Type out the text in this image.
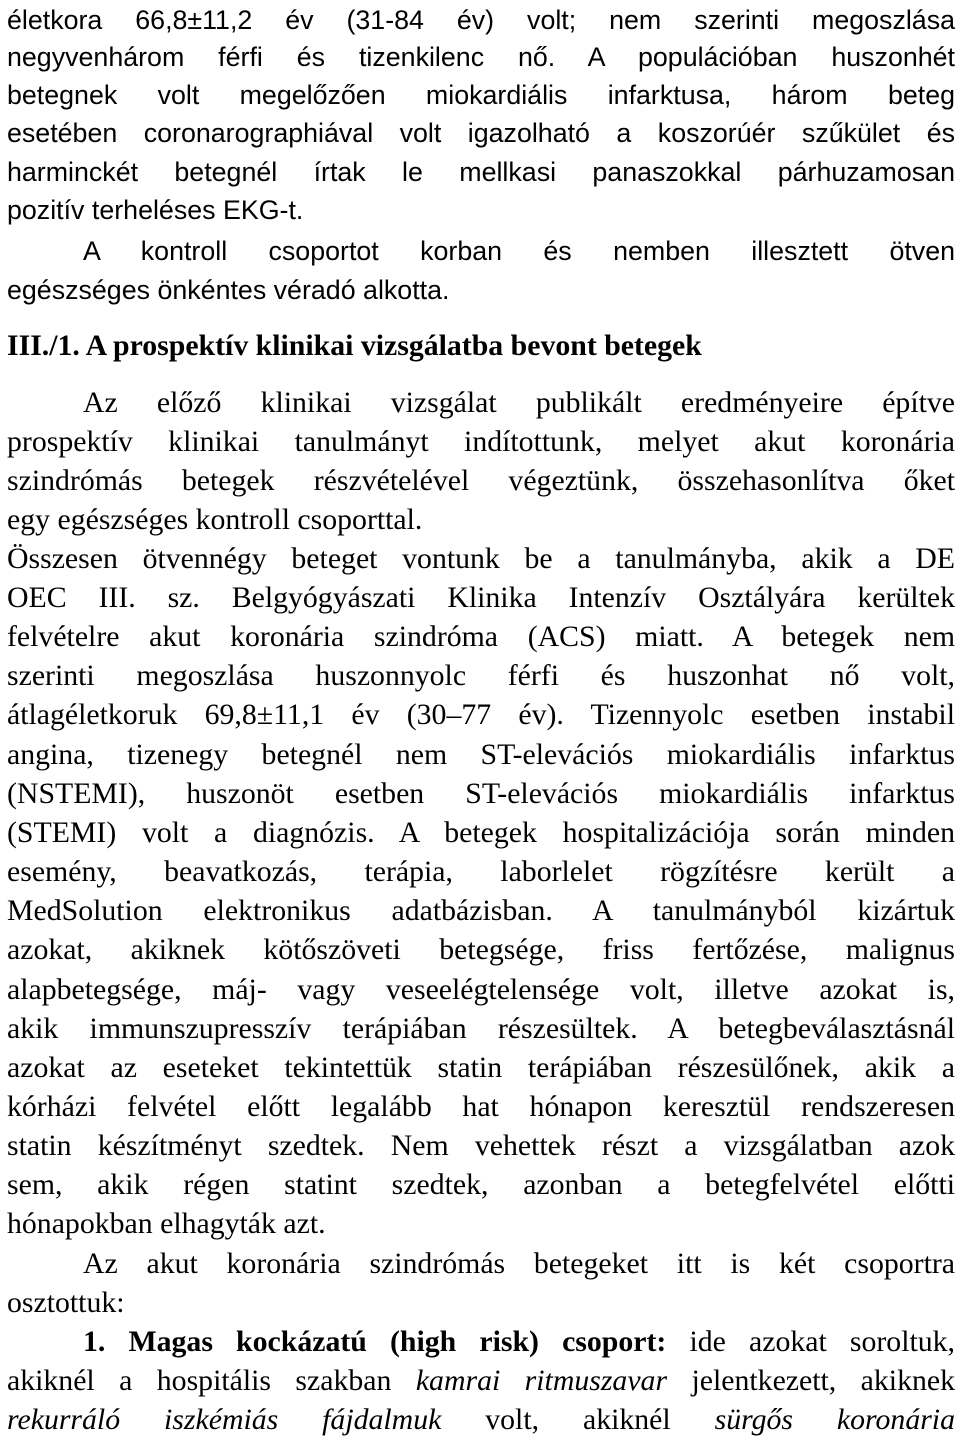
életkora 66,8±11,2 év (31-84 év) volt; nem szerinti megoszlása
negyvenhárom férfi és tizenkilenc nő. A populációban huszonhét
betegnek volt megelőzően miokardiális infarktusa, három beteg
esetében coronarographiával volt igazolható a koszorúér szűkület és
harminckét betegnél írtak le mellkasi panaszokkal párhuzamosan
pozitív terheléses EKG-t.
A kontroll csoportot korban és nemben illesztett ötven
egészséges önkéntes véradó alkotta.
III./1. A prospektív klinikai vizsgálatba bevont betegek
Az előző klinikai vizsgálat publikált eredményeire építve
prospektív klinikai tanulmányt indítottunk, melyet akut koronária
szindrómás betegek részvételével végeztünk, összehasonlítva őket
egy egészséges kontroll csoporttal.
Összesen ötvennégy beteget vontunk be a tanulmányba, akik a DE
OEC III. sz. Belgyógyászati Klinika Intenzív Osztályára kerültek
felvételre akut koronária szindróma (ACS) miatt. A betegek nem
szerinti megoszlása huszonnyolc férfi és huszonhat nő volt,
átlagéletkoruk 69,8±11,1 év (30–77 év). Tizennyolc esetben instabil
angina, tizenegy betegnél nem ST-elevációs miokardiális infarktus
(NSTEMI), huszonöt esetben ST-elevációs miokardiális infarktus
(STEMI) volt a diagnózis. A betegek hospitalizációja során minden
esemény, beavatkozás, terápia, laborlelet rögzítésre került a
MedSolution elektronikus adatbázisban. A tanulmányból kizártuk
azokat, akiknek kötőszöveti betegsége, friss fertőzése, malignus
alapbetegsége, máj- vagy veseelégtelensége volt, illetve azokat is,
akik immunszupresszív terápiában részesültek. A betegbeválasztásnál
azokat az eseteket tekintettük statin terápiában részesülőnek, akik a
kórházi felvétel előtt legalább hat hónapon keresztül rendszeresen
statin készítményt szedtek. Nem vehettek részt a vizsgálatban azok
sem, akik régen statint szedtek, azonban a betegfelvétel előtti
hónapokban elhagyták azt.
Az akut koronária szindrómás betegeket itt is két csoportra
osztottuk:
1. Magas kockázatú (high risk) csoport: ide azokat soroltuk,
akiknél a hospitális szakban kamrai ritmuszavar jelentkezett, akiknek
rekurráló iszkémiás fájdalmuk volt, akiknél sürgős koronária
